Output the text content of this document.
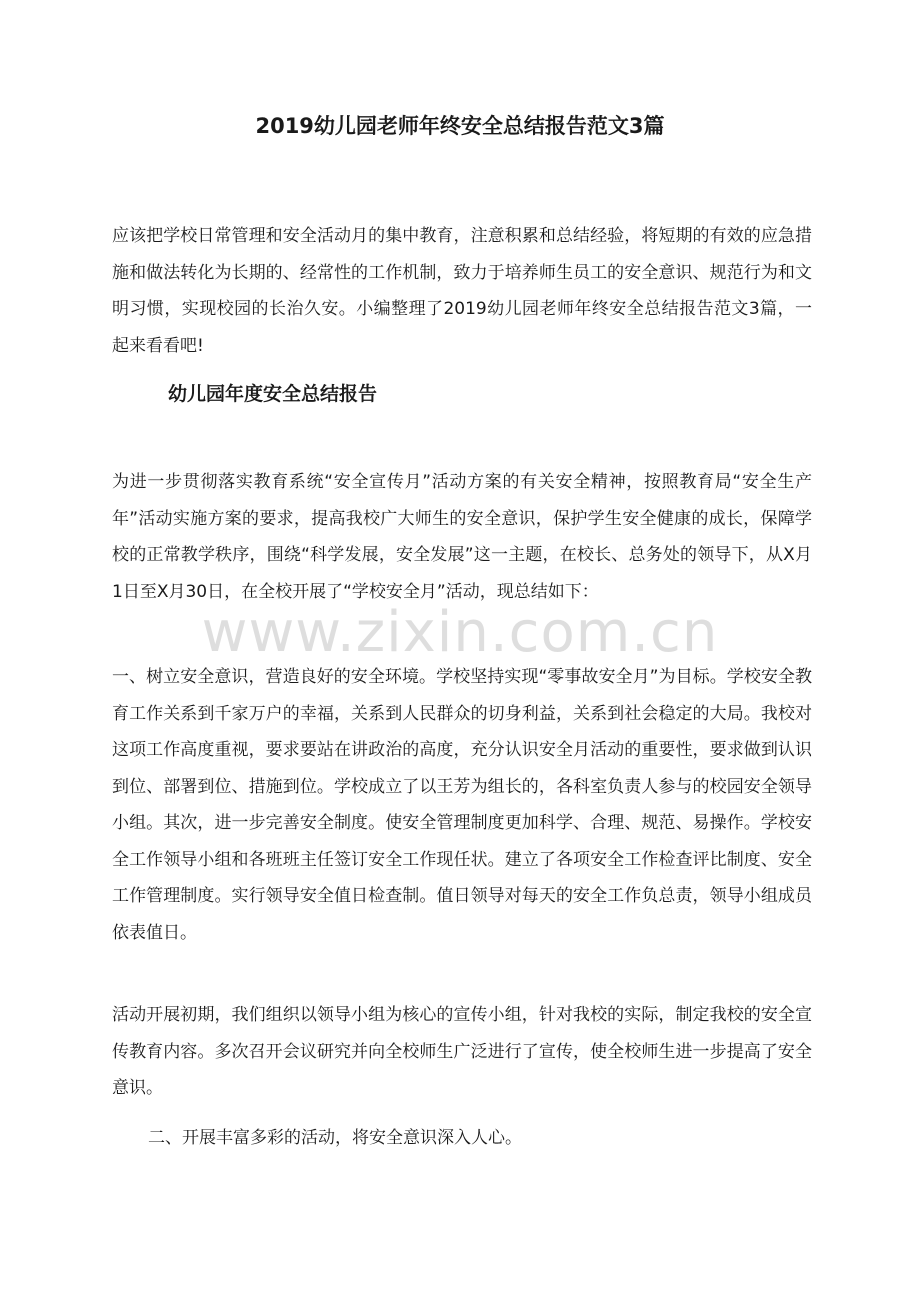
2019幼儿园老师年终安全总结报告范文3篇

应该把学校日常管理和安全活动月的集中教育，注意积累和总结经验，将短期的有效的应急措施和做法转化为长期的、经常性的工作机制，致力于培养师生员工的安全意识、规范行为和文明习惯，实现校园的长治久安。小编整理了2019幼儿园老师年终安全总结报告范文3篇，一起来看看吧!

幼儿园年度安全总结报告

为进一步贯彻落实教育系统“安全宣传月”活动方案的有关安全精神，按照教育局“安全生产年”活动实施方案的要求，提高我校广大师生的安全意识，保护学生安全健康的成长，保障学校的正常教学秩序，围绕“科学发展，安全发展”这一主题，在校长、总务处的领导下，从X月1日至X月30日，在全校开展了“学校安全月”活动，现总结如下：

www.zixin.com.cn

一、树立安全意识，营造良好的安全环境。学校坚持实现“零事故安全月”为目标。学校安全教育工作关系到千家万户的幸福，关系到人民群众的切身利益，关系到社会稳定的大局。我校对这项工作高度重视，要求要站在讲政治的高度，充分认识安全月活动的重要性，要求做到认识到位、部署到位、措施到位。学校成立了以王芳为组长的，各科室负责人参与的校园安全领导小组。其次，进一步完善安全制度。使安全管理制度更加科学、合理、规范、易操作。学校安全工作领导小组和各班班主任签订安全工作现任状。建立了各项安全工作检查评比制度、安全工作管理制度。实行领导安全值日检查制。值日领导对每天的安全工作负总责，领导小组成员依表值日。

活动开展初期，我们组织以领导小组为核心的宣传小组，针对我校的实际，制定我校的安全宣传教育内容。多次召开会议研究并向全校师生广泛进行了宣传，使全校师生进一步提高了安全意识。

二、开展丰富多彩的活动，将安全意识深入人心。
